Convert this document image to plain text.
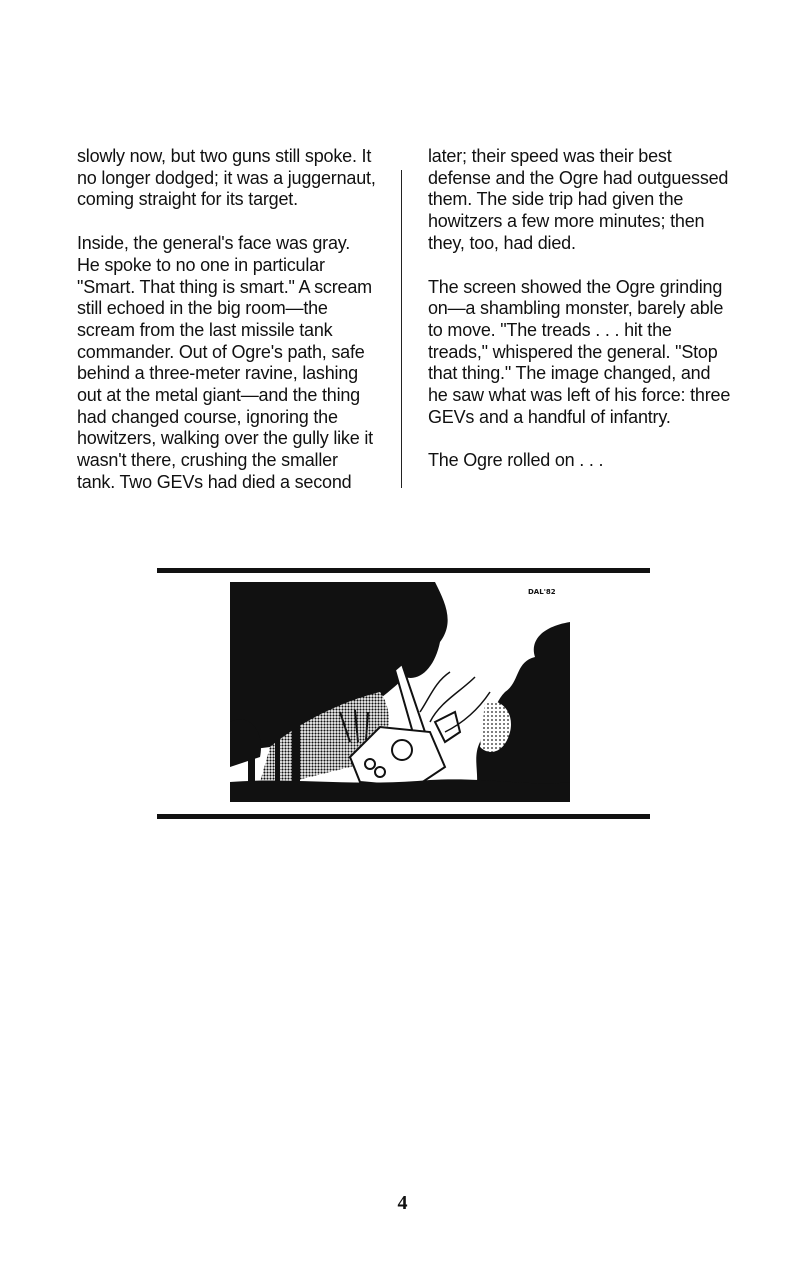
slowly now, but two guns still spoke. It no longer dodged; it was a juggernaut, coming straight for its target.

Inside, the general's face was gray. He spoke to no one in particular "Smart. That thing is smart." A scream still echoed in the big room—the scream from the last missile tank commander. Out of Ogre's path, safe behind a three-meter ravine, lashing out at the metal giant—and the thing had changed course, ignoring the howitzers, walking over the gully like it wasn't there, crushing the smaller tank. Two GEVs had died a second

later; their speed was their best defense and the Ogre had outguessed them. The side trip had given the howitzers a few more minutes; then they, too, had died.

The screen showed the Ogre grinding on—a shambling monster, barely able to move. "The treads . . . hit the treads," whispered the general. "Stop that thing." The image changed, and he saw what was left of his force: three GEVs and a handful of infantry.

The Ogre rolled on . . .

DAL'82
4
